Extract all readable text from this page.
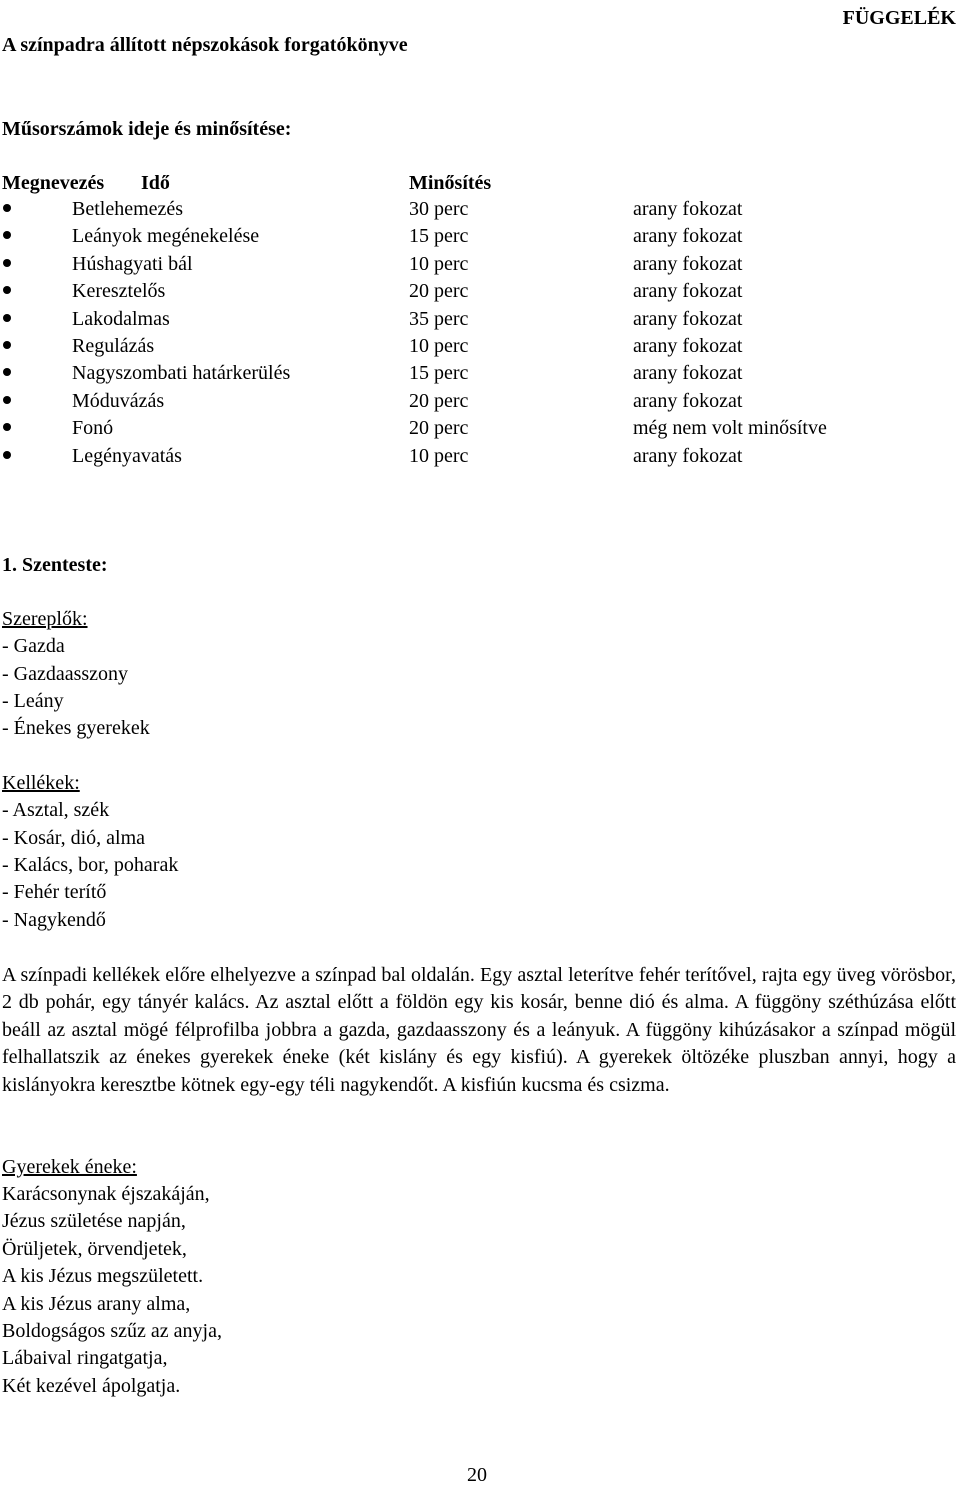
A színpadra állított népszokások forgatókönyve
FÜGGELÉK
Műsorszámok ideje és minősítése:
Megnevezés Idő	Minősítés
Betlehemezés	30 perc	arany fokozat
Leányok megénekelése	15 perc	arany fokozat
Húshagyati bál	10 perc	arany fokozat
Keresztelős	20 perc	arany fokozat
Lakodalmas	35 perc	arany fokozat
Regulázás	10 perc	arany fokozat
Nagyszombati határkerülés	15 perc	arany fokozat
Móduvázás	20 perc	arany fokozat
Fonó	20 perc	még nem volt minősítve
Legényavatás	10 perc	arany fokozat
1. Szenteste:
Szereplők:
- Gazda
- Gazdaasszony
- Leány
- Énekes gyerekek
Kellékek:
- Asztal, szék
- Kosár, dió, alma
- Kalács, bor, poharak
- Fehér terítő
- Nagykendő
A színpadi kellékek előre elhelyezve a színpad bal oldalán. Egy asztal leterítve fehér terítővel, rajta egy üveg vörösbor, 2 db pohár, egy tányér kalács. Az asztal előtt a földön egy kis kosár, benne dió és alma. A függöny széthúzása előtt beáll az asztal mögé félprofilba jobbra a gazda, gazdaasszony és a leányuk. A függöny kihúzásakor a színpad mögül felhallatszik az énekes gyerekek éneke (két kislány és egy kisfiú). A gyerekek öltözéke pluszban annyi, hogy a kislányokra keresztbe kötnek egy-egy téli nagykendőt. A kisfiún kucsma és csizma.
Gyerekek éneke:
Karácsonynak éjszakáján,
Jézus születése napján,
Örüljetek, örvendjetek,
A kis Jézus megszületett.
A kis Jézus arany alma,
Boldogságos szűz az anyja,
Lábaival ringatgatja,
Két kezével ápolgatja.
20
